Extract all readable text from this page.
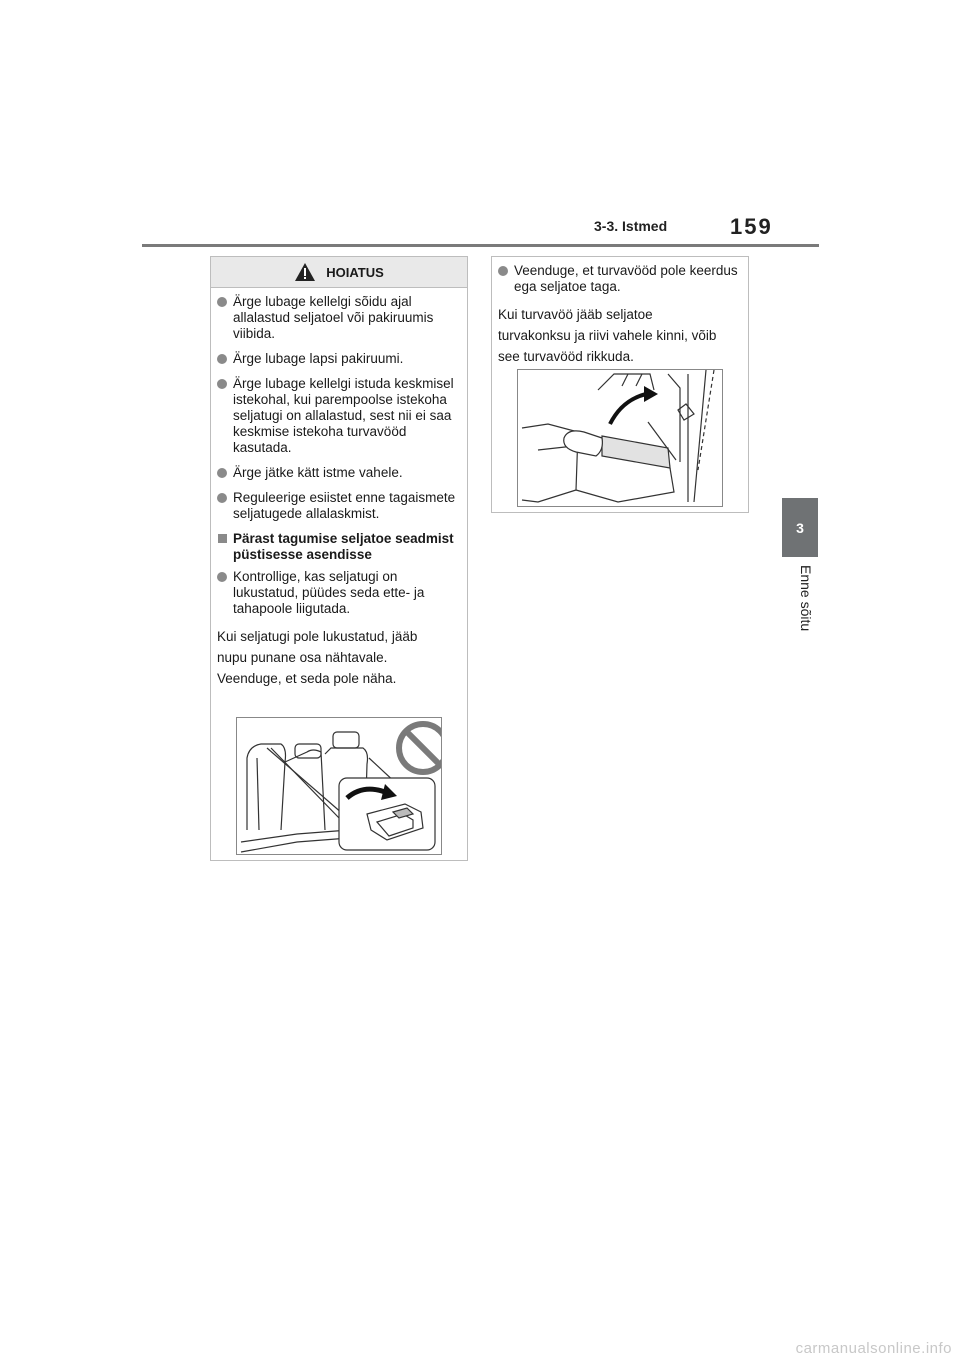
3-3. Istmed	159
3
Enne sõitu
HOIATUS
Ärge lubage kellelgi sõidu ajal allalastud seljatoel või pakiruumis viibida.
Ärge lubage lapsi pakiruumi.
Ärge lubage kellelgi istuda keskmisel istekohal, kui parempoolse istekoha seljatugi on allalastud, sest nii ei saa keskmise istekoha turvavööd kasutada.
Ärge jätke kätt istme vahele.
Reguleerige esiistet enne tagaismete seljatugede allalaskmist.
Pärast tagumise seljatoe seadmist püstisesse asendisse
Kontrollige, kas seljatugi on lukustatud, püüdes seda ette- ja tahapoole liigutada.

Kui seljatugi pole lukustatud, jääb

nupu punane osa nähtavale.

Veenduge, et seda pole näha.

Veenduge, et turvavööd pole keerdus ega seljatoe taga.

Kui turvavöö jääb seljatoe

turvakonksu ja riivi vahele kinni, võib

see turvavööd rikkuda.

carmanualsonline.info
